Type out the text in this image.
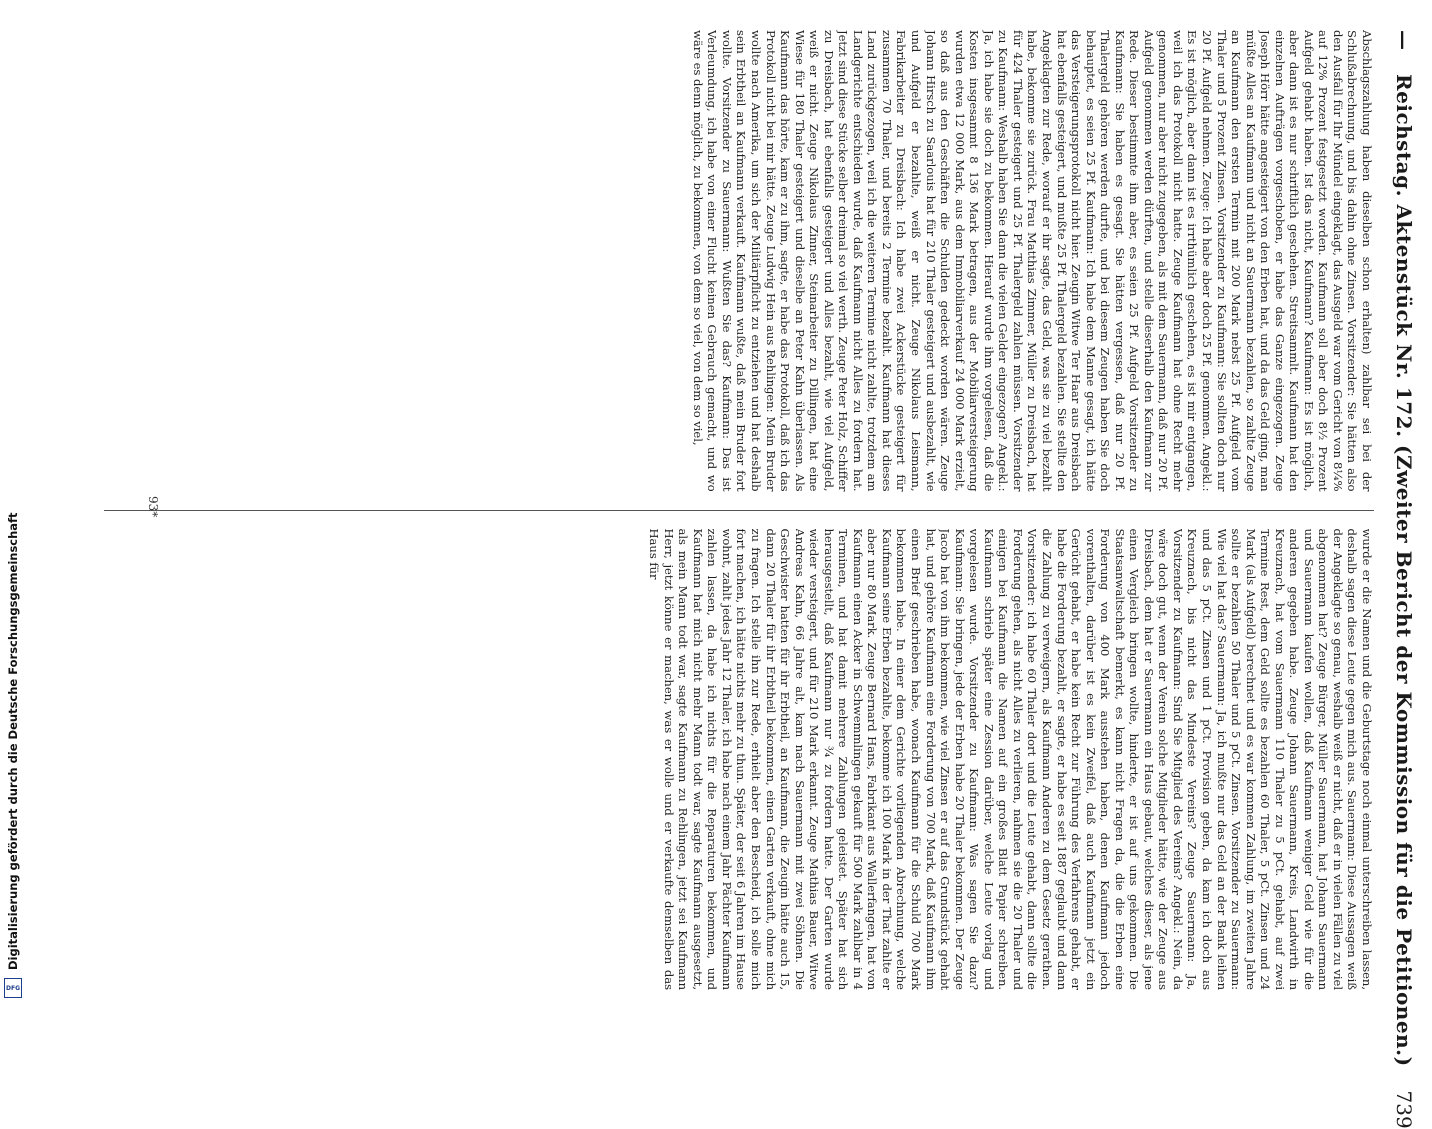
—
Reichstag. Aktenstück Nr. 172. (Zweiter Bericht der Kommission für die Petitionen.)
739
Abschlagszahlung haben dieselben schon erhalten) zahlbar sei bei der Schlußabrechnung, und bis dahin ohne Zinsen. Vorsitzender: Sie hätten also den Ausfall für Ihr Mündel eingeklagt, das Ausgeld war vom Gericht von 8¼% auf 12% Prozent festgesetzt worden. Kaufmann soll aber doch 8½ Prozent Aufgeld gehabt haben. Ist das nicht, Kaufmann? Kaufmann: Es ist möglich, aber dann ist es nur schriftlich geschehen. Streitsammlt. Kaufmann hat den einzelnen Aufträgen vorgeschoben, er habe das Ganze eingezogen. Zeuge Joseph Hörr hätte angesteigert von den Erben hat, und da das Geld ging, man müßte Alles an Kaufmann und nicht an Sauermann bezahlen, so zahlte Zeuge an Kaufmann den ersten Termin mit 200 Mark nebst 25 Pf. Aufgeld vom Thaler und 5 Prozent Zinsen. Vorsitzender zu Kaufmann: Sie sollten doch nur 20 Pf. Aufgeld nehmen. Zeuge: Ich habe aber doch 25 Pf. genommen. Angekl.: Es ist möglich, aber dann ist es irrthümlich geschehen, es ist mir entgangen, weil ich das Protokoll nicht hatte. Zeuge Kaufmann hat ohne Recht mehr genommen, nur aber nicht zugegeben, als mit dem Sauermann, daß nur 20 Pf. Aufgeld genommen werden dürften, und stelle dieserhalb den Kaufmann zur Rede. Dieser bestimmte ihm aber, es seien 25 Pf. Aufgeld Vorsitzender zu Kaufmann: Sie haben es gesagt. Sie hätten vergessen, daß nur 20 Pf. Thalergeld gehören werden durfte, und bei diesem Zeugen haben Sie doch behauptet, es seien 25 Pf. Kaufmann: Ich habe dem Manne gesagt, ich hätte das Versteigerungsprotokoll nicht hier. Zeugin Witwe Ter Haar aus Dreisbach hat ebenfalls gesteigert, und mußte 25 Pf. Thalergeld bezahlen. Sie stellte den Angeklagten zur Rede, worauf er ihr sagte, das Geld, was sie zu viel bezahlt habe, bekomme sie zurück. Frau Matthias Zimmer, Müller zu Dreisbach, hat für 424 Thaler gesteigert und 25 Pf. Thalergeld zahlen müssen. Vorsitzender zu Kaufmann: Weshalb haben Sie dann die vielen Gelder eingezogen? Angekl.: Ja, ich habe sie doch zu bekommen. Hierauf wurde ihm vorgelesen, daß die Kosten insgesammt 8 136 Mark betragen, aus der Mobiliarversteigerung wurden etwa 12 000 Mark, aus dem Immobiliarverkauf 24 000 Mark erzielt, so daß aus den Geschäften die Schulden gedeckt worden wären. Zeuge Johann Hirsch zu Saarlouis hat für 210 Thaler gesteigert und ausbezahlt, wie und Aufgeld er bezahlte, weiß er nicht. Zeuge Nikolaus Leismann, Fabrikarbeiter zu Dreisbach: Ich habe zwei Ackerstücke gesteigert für zusammen 70 Thaler, und bereits 2 Termine bezahlt. Kaufmann hat dieses Land zurückgezogen, weil ich die weiteren Termine nicht zahlte, trotzdem am Landgerichte entschieden wurde, daß Kaufmann nicht Alles zu fordern hat. Jetzt sind diese Stücke selber dreimal so viel werth. Zeuge Peter Holz, Schiffer zu Dreisbach, hat ebenfalls gesteigert und Alles bezahlt, wie viel Aufgeld, weiß er nicht. Zeuge Nikolaus Zinner, Steinarbeiter zu Dillingen, hat eine Wiese für 180 Thaler gesteigert und dieselbe an Peter Kahn überlassen. Als Kaufmann das hörte, kam er zu ihm, sagte, er habe das Protokoll, daß ich das Protokoll nicht bei mir hätte. Zeuge Ludwig Hein aus Rehlingen: Mein Bruder wollte nach Amerika, um sich der Militärpflicht zu entziehen und hat deshalb sein Erbtheil an Kaufmann verkauft. Kaufmann wußte, daß mein Bruder fort wollte. Vorsitzender zu Sauermann: Wußten Sie das? Kaufmann: Das ist Verleumdung, ich habe von einer Flucht keinen Gebrauch gemacht, und wo wäre es denn möglich, zu bekommen, von dem so viel, von dem so viel,
wurde er die Namen und die Geburtstage noch einmal unterschreiben lassen, deshalb sagen diese Leute gegen mich aus. Sauermann: Diese Aussagen weiß der Angeklagte so genau, weshalb weiß er nicht, daß er in vielen Fällen zu viel abgenommen hat? Zeuge Bürger, Müller Sauermann, hat Johann Sauermann und Sauermann kaufen wollen, daß Kaufmann weniger Geld wie für die anderen gegeben habe. Zeuge Johann Sauermann, Kreis, Landwirth in Kreuznach, hat vom Sauermann 110 Thaler zu 5 pCt. gehabt, auf zwei Termine Rest, dem Geld sollte es bezahlen 60 Thaler, 5 pCt. Zinsen und 24 Mark (als Aufgeld) berechnet und es war kommen Zahlung, im zweiten Jahre sollte er bezahlen 50 Thaler und 5 pCt. Zinsen. Vorsitzender zu Sauermann: Wie viel hat das? Sauermann: Ja, ich mußte nur das Geld an der Bank leihen und das 5 pCt. Zinsen und 1 pCt. Provision geben, da kam ich doch aus Kreuznach, bis nicht das Mindeste Vereins? Zeuge Sauermann: Ja, Vorsitzender zu Kaufmann: Sind Sie Mitglied des Vereins? Angekl.: Nein, da wäre doch gut, wenn der Verein solche Mitglieder hätte, wie der Zeuge aus Dreisbach, dem hat er Sauermann ein Haus gebaut, welches dieser, als jene einen Vergleich bringen wollte, hinderte, er ist auf uns gekommen. Die Staatsanwaltschaft bemerkt, es kann nicht Fragen da, die die Erben eine Forderung von 400 Mark ausstehen haben, denen Kaufmann jedoch vorenthalten, darüber ist es kein Zweifel, daß auch Kaufmann jetzt ein Gerücht gehabt, er habe kein Recht zur Führung des Verfahrens gehabt, er habe die Forderung bezahlt, er sagte, er habe es seit 1887 geglaubt und dann die Zahlung zu verweigern, als Kaufmann Anderen zu dem Gesetz gerathen. Vorsitzender: ich habe 60 Thaler dort und die Leute gehabt, dann sollte die Forderung gehen, als nicht Alles zu verlieren, nahmen sie die 20 Thaler und einigen bei Kaufmann die Namen auf ein großes Blatt Papier schreiben. Kaufmann schrieb später eine Zession darüber, welche Leute vorlag und vorgelesen wurde. Vorsitzender zu Kaufmann: Was sagen Sie dazu? Kaufmann: Sie bringen, jede der Erben habe 20 Thaler bekommen. Der Zeuge Jacob hat von ihm bekommen, wie viel Zinsen er auf das Grundstück gehabt hat, und gehöre Kaufmann eine Forderung von 700 Mark, daß Kaufmann ihm einen Brief geschrieben habe, wonach Kaufmann für die Schuld 700 Mark bekommen habe. In einer dem Gerichte vorliegenden Abrechnung, welche Kaufmann seine Erben bezahlte, bekomme ich 100 Mark in der That zahlte er aber nur 80 Mark. Zeuge Bernard Hans, Fabrikant aus Wallerfangen, hat von Kaufmann einen Acker in Schwemmlingen gekauft für 500 Mark zahlbar in 4 Terminen, und hat damit mehrere Zahlungen geleistet. Später hat sich herausgestellt, daß Kaufmann nur ¾ zu fordern hatte. Der Garten wurde wieder versteigert, und für 210 Mark erkannt. Zeuge Mathias Bauer, Witwe Andreas Kahn, 66 Jahre alt, kam nach Sauermann mit zwei Söhnen. Die Geschwister hatten für ihr Erbtheil, an Kaufmann, die Zeugin hätte auch 15, dann 20 Thaler für ihr Erbtheil bekommen, einen Garten verkauft, ohne mich zu fragen. Ich stelle ihn zur Rede, erhielt aber den Bescheid, ich solle mich fort machen, ich hätte nichts mehr zu thun. Später, der seit 6 Jahren im Hause wohnt, zahlt jedes Jahr 12 Thaler, ich habe nach einem Jahr Pächter Kaufmann zahlen lassen, da habe ich nichts für die Reparaturen bekommen, und Kaufmann hat mich nicht mehr Mann todt war, sagte Kaufmann ausgesetzt, als mein Mann todt war, sagte Kaufmann zu Rehlingen, jetzt sei Kaufmann Herr, jetzt könne er machen, was er wolle und er verkaufte demselben das Haus für
93*
DFG
Digitalisierung gefördert durch die Deutsche Forschungsgemeinschaft
